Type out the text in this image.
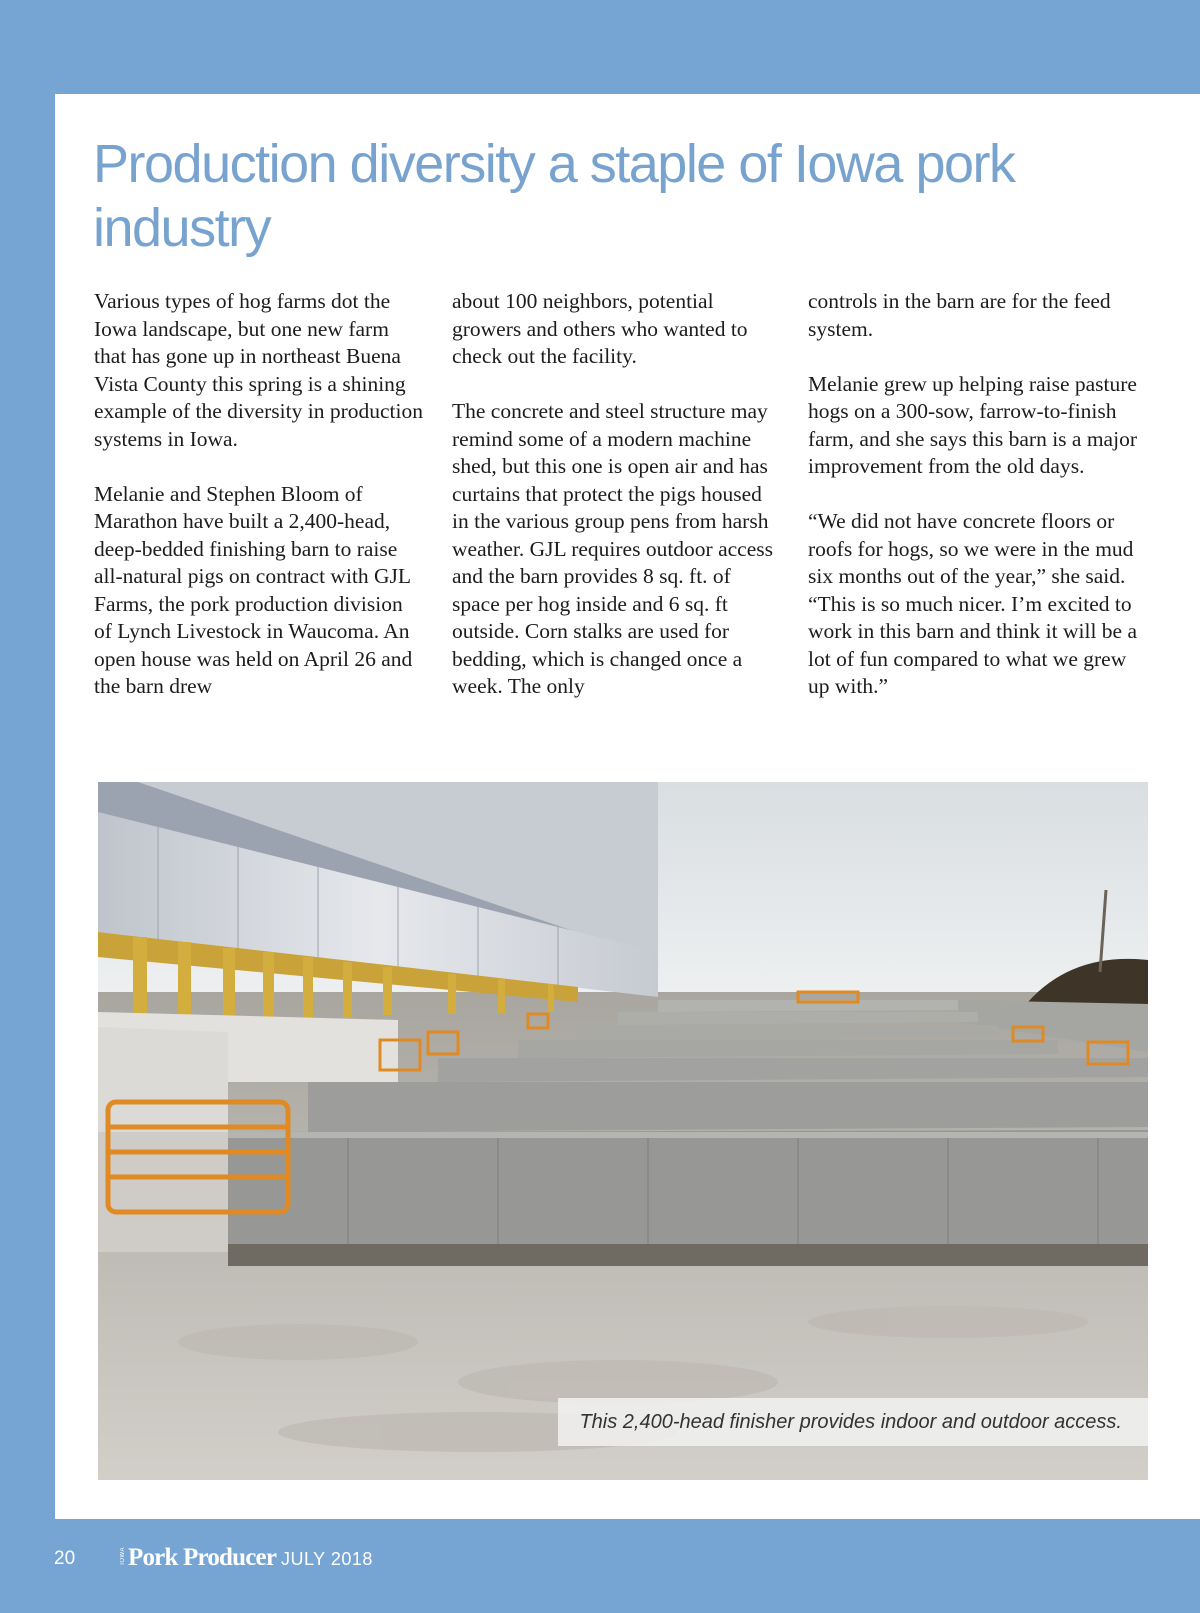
Production diversity a staple of Iowa pork industry

Various types of hog farms dot the Iowa landscape, but one new farm that has gone up in northeast Buena Vista County this spring is a shining example of the diversity in production systems in Iowa.

Melanie and Stephen Bloom of Marathon have built a 2,400-head, deep-bedded finishing barn to raise all-natural pigs on contract with GJL Farms, the pork production division of Lynch Livestock in Waucoma. An open house was held on April 26 and the barn drew

about 100 neighbors, potential growers and others who wanted to check out the facility.

The concrete and steel structure may remind some of a modern machine shed, but this one is open air and has curtains that protect the pigs housed in the various group pens from harsh weather. GJL requires outdoor access and the barn provides 8 sq. ft. of space per hog inside and 6 sq. ft outside. Corn stalks are used for bedding, which is changed once a week. The only

controls in the barn are for the feed system.

Melanie grew up helping raise pasture hogs on a 300-sow, farrow-to-finish farm, and she says this barn is a major improvement from the old days.

“We did not have concrete floors or roofs for hogs, so we were in the mud six months out of the year,” she said. “This is so much nicer. I’m excited to work in this barn and think it will be a lot of fun compared to what we grew up with.”

This 2,400-head finisher provides indoor and outdoor access.
20	IOWA Pork Producer JULY 2018
